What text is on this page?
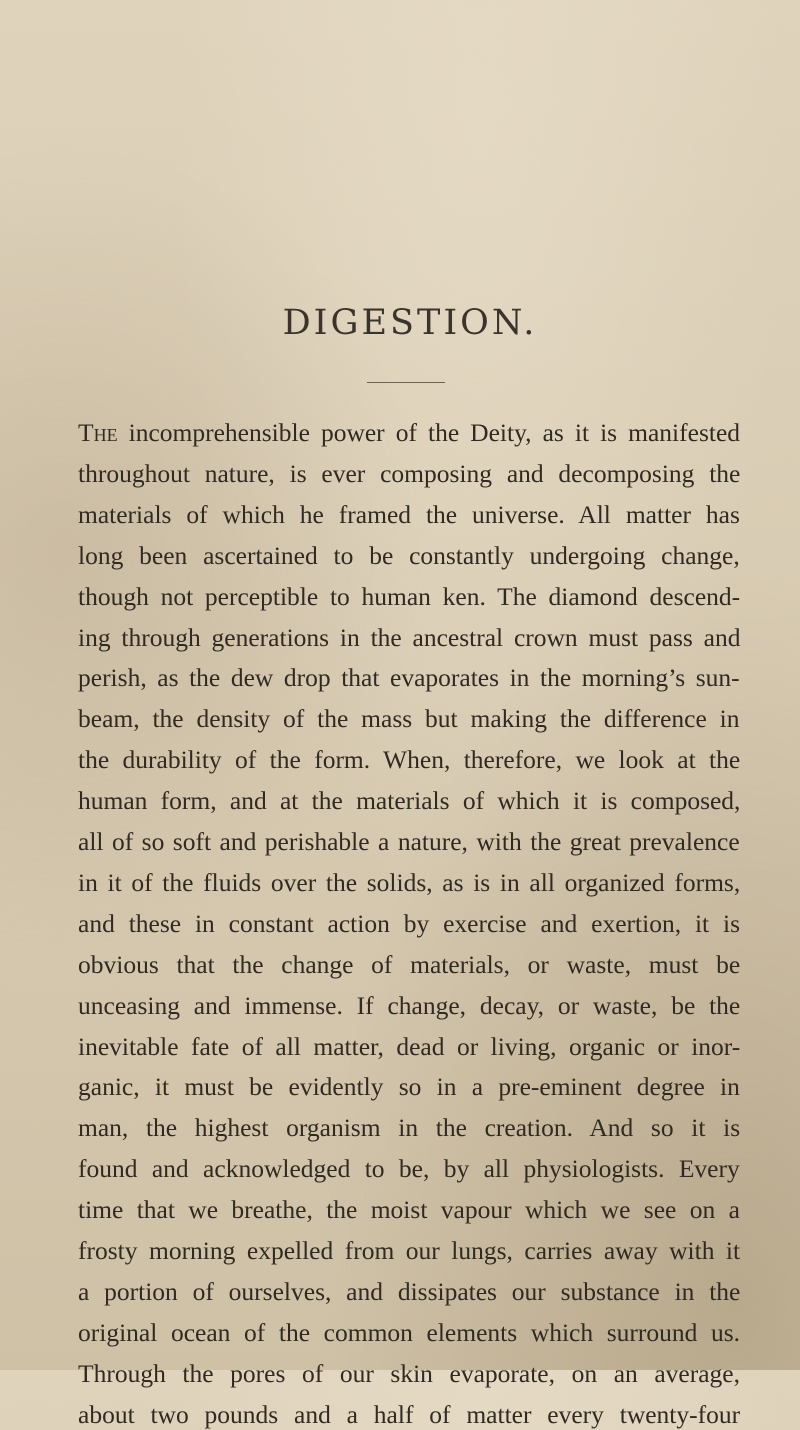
DIGESTION.
The incomprehensible power of the Deity, as it is manifested
throughout nature, is ever composing and decomposing the
materials of which he framed the universe. All matter has
long been ascertained to be constantly undergoing change,
though not perceptible to human ken. The diamond descend-
ing through generations in the ancestral crown must pass and
perish, as the dew drop that evaporates in the morning’s sun-
beam, the density of the mass but making the difference in
the durability of the form. When, therefore, we look at the
human form, and at the materials of which it is composed,
all of so soft and perishable a nature, with the great prevalence
in it of the fluids over the solids, as is in all organized forms,
and these in constant action by exercise and exertion, it is
obvious that the change of materials, or waste, must be
unceasing and immense. If change, decay, or waste, be the
inevitable fate of all matter, dead or living, organic or inor-
ganic, it must be evidently so in a pre-eminent degree in
man, the highest organism in the creation. And so it is
found and acknowledged to be, by all physiologists. Every
time that we breathe, the moist vapour which we see on a
frosty morning expelled from our lungs, carries away with it
a portion of ourselves, and dissipates our substance in the
original ocean of the common elements which surround us.
Through the pores of our skin evaporate, on an average,
about two pounds and a half of matter every twenty-four
